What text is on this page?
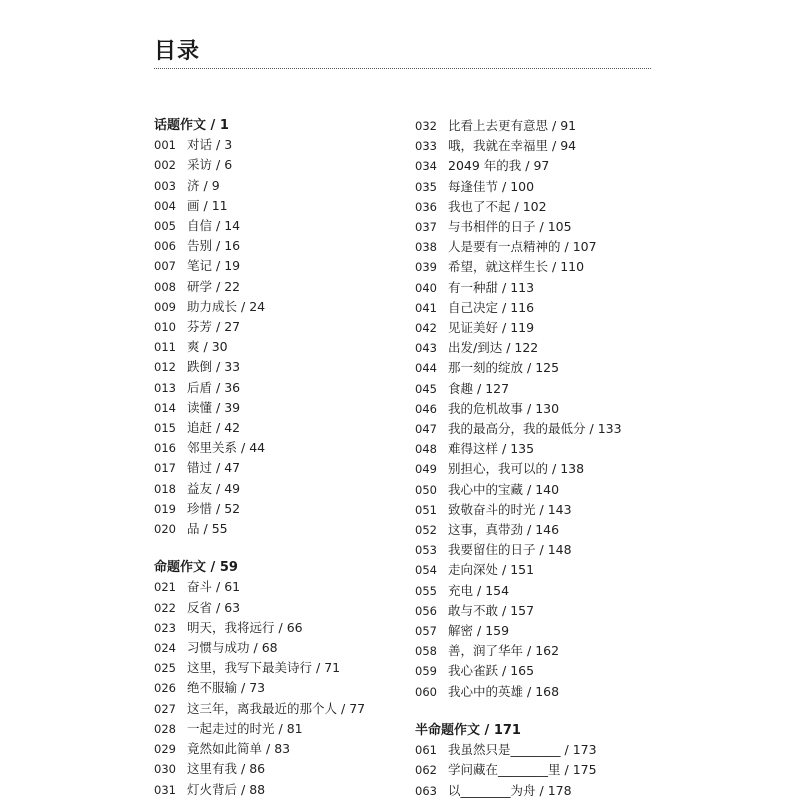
目录
话题作文 / 1
001 对话 / 3
002 采访 / 6
003 济 / 9
004 画 / 11
005 自信 / 14
006 告别 / 16
007 笔记 / 19
008 研学 / 22
009 助力成长 / 24
010 芬芳 / 27
011 爽 / 30
012 跌倒 / 33
013 后盾 / 36
014 读懂 / 39
015 追赶 / 42
016 邻里关系 / 44
017 错过 / 47
018 益友 / 49
019 珍惜 / 52
020 品 / 55
命题作文 / 59
021 奋斗 / 61
022 反省 / 63
023 明天，我将远行 / 66
024 习惯与成功 / 68
025 这里，我写下最美诗行 / 71
026 绝不服输 / 73
027 这三年，离我最近的那个人 / 77
028 一起走过的时光 / 81
029 竟然如此简单 / 83
030 这里有我 / 86
031 灯火背后 / 88
032 比看上去更有意思 / 91
033 哦，我就在幸福里 / 94
034 2049 年的我 / 97
035 每逢佳节 / 100
036 我也了不起 / 102
037 与书相伴的日子 / 105
038 人是要有一点精神的 / 107
039 希望，就这样生长 / 110
040 有一种甜 / 113
041 自己决定 / 116
042 见证美好 / 119
043 出发/到达 / 122
044 那一刻的绽放 / 125
045 食趣 / 127
046 我的危机故事 / 130
047 我的最高分，我的最低分 / 133
048 难得这样 / 135
049 别担心，我可以的 / 138
050 我心中的宝藏 / 140
051 致敬奋斗的时光 / 143
052 这事，真带劲 / 146
053 我要留住的日子 / 148
054 走向深处 / 151
055 充电 / 154
056 敢与不敢 / 157
057 解密 / 159
058 善，润了华年 / 162
059 我心雀跃 / 165
060 我心中的英雄 / 168
半命题作文 / 171
061 我虽然只是________ / 173
062 学问藏在________里 / 175
063 以________为舟 / 178
